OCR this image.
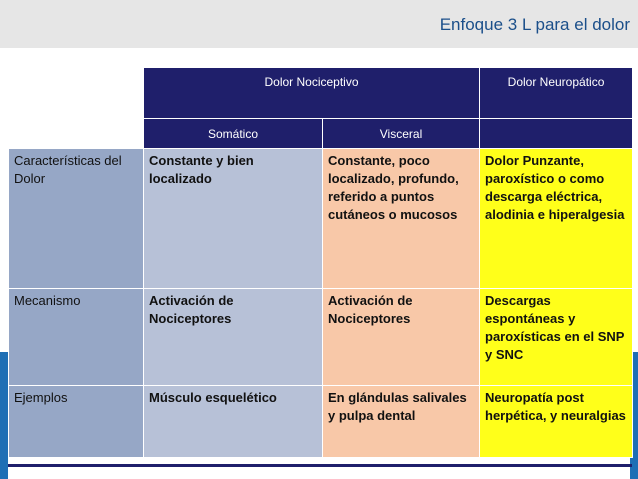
Enfoque 3 L para el dolor
	Dolor Nociceptivo		Dolor Neuropático
	Somático	Visceral	
Características del Dolor	Constante y bien localizado	Constante, poco localizado, profundo, referido a puntos cutáneos o mucosos	Dolor Punzante, paroxístico o como descarga eléctrica, alodinia e hiperalgesia
Mecanismo	Activación de Nociceptores	Activación de Nociceptores	Descargas espontáneas y paroxísticas en el SNP y SNC
Ejemplos	Músculo esquelético	En glándulas salivales y pulpa dental	Neuropatía post herpética, y neuralgias
